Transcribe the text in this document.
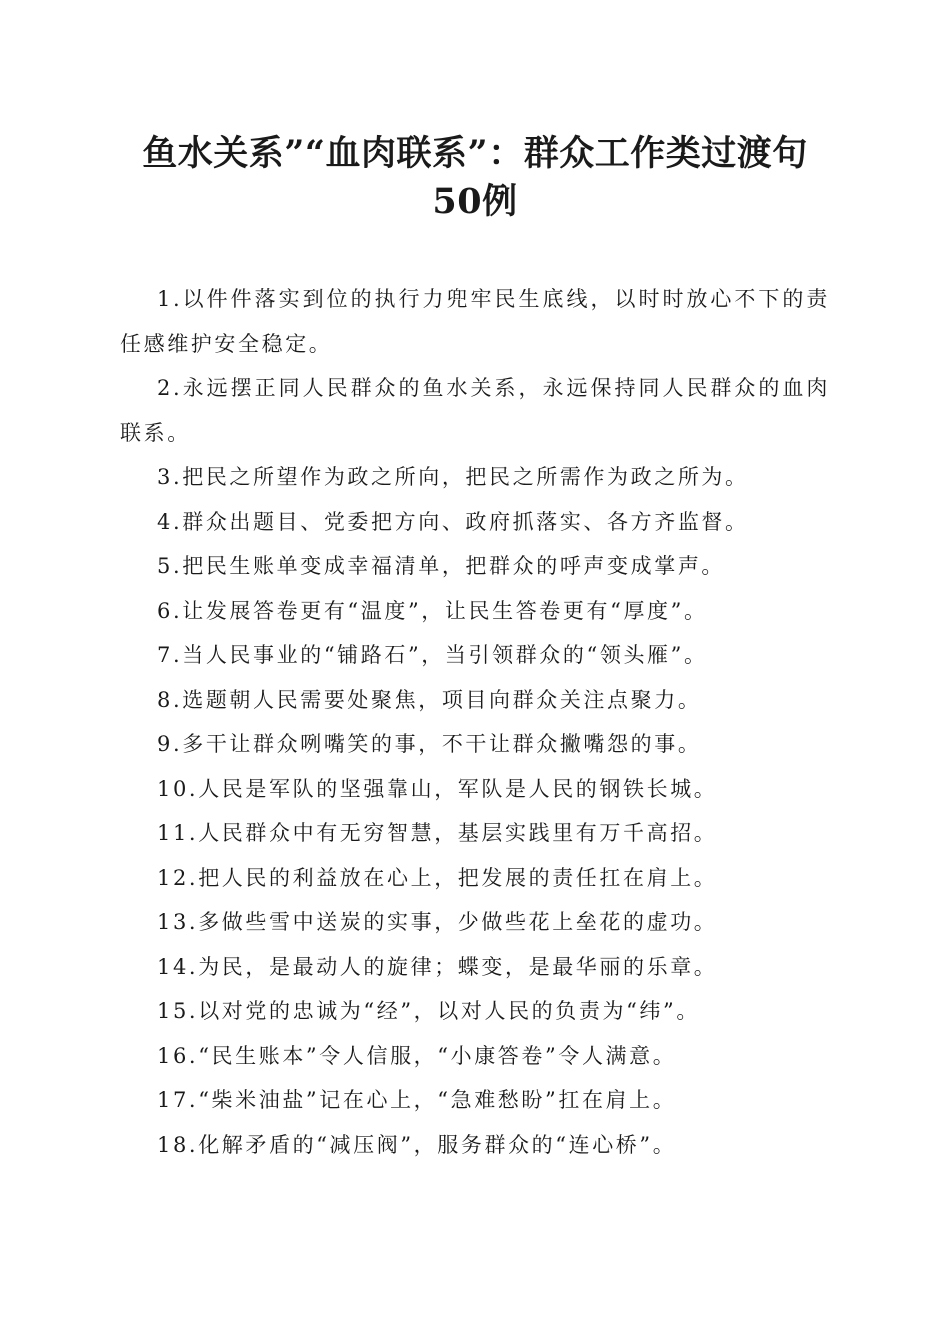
鱼水关系”“血肉联系”：群众工作类过渡句
50例

1.以件件落实到位的执行力兜牢民生底线，以时时放心不下的责任感维护安全稳定。

2.永远摆正同人民群众的鱼水关系，永远保持同人民群众的血肉联系。

3.把民之所望作为政之所向，把民之所需作为政之所为。

4.群众出题目、党委把方向、政府抓落实、各方齐监督。

5.把民生账单变成幸福清单，把群众的呼声变成掌声。

6.让发展答卷更有“温度”，让民生答卷更有“厚度”。

7.当人民事业的“铺路石”，当引领群众的“领头雁”。

8.选题朝人民需要处聚焦，项目向群众关注点聚力。

9.多干让群众咧嘴笑的事，不干让群众撇嘴怨的事。

10.人民是军队的坚强靠山，军队是人民的钢铁长城。

11.人民群众中有无穷智慧，基层实践里有万千高招。

12.把人民的利益放在心上，把发展的责任扛在肩上。

13.多做些雪中送炭的实事，少做些花上垒花的虚功。

14.为民，是最动人的旋律；蝶变，是最华丽的乐章。

15.以对党的忠诚为“经”，以对人民的负责为“纬”。

16.“民生账本”令人信服，“小康答卷”令人满意。

17.“柴米油盐”记在心上，“急难愁盼”扛在肩上。

18.化解矛盾的“减压阀”，服务群众的“连心桥”。
